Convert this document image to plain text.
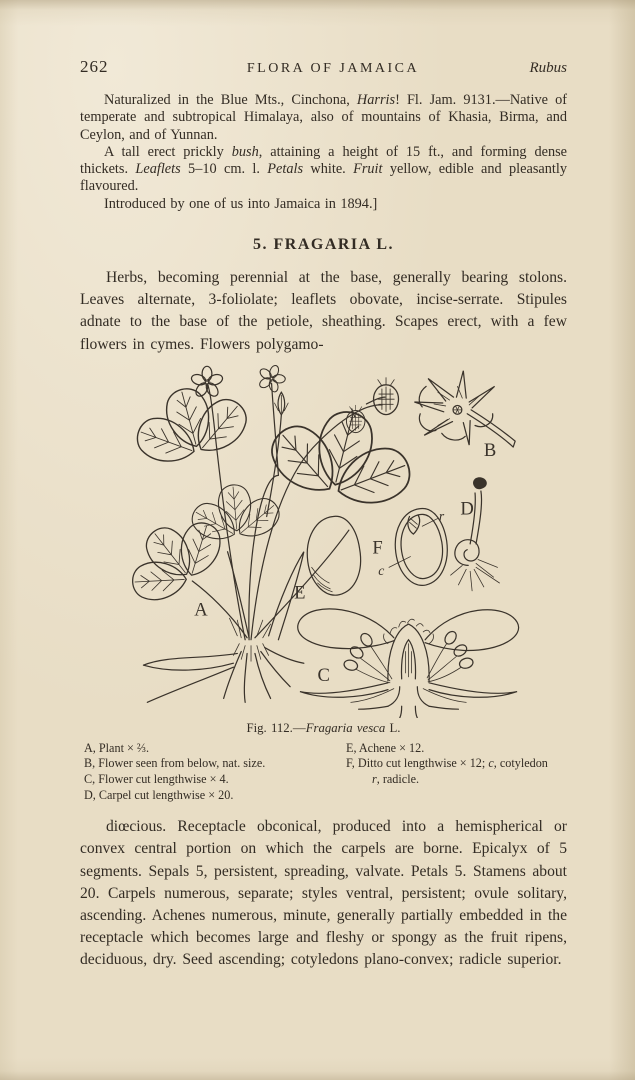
262	FLORA OF JAMAICA	Rubus

Naturalized in the Blue Mts., Cinchona, Harris! Fl. Jam. 9131.—Native of temperate and subtropical Himalaya, also of mountains of Khasia, Birma, and Ceylon, and of Yunnan.

A tall erect prickly bush, attaining a height of 15 ft., and forming dense thickets. Leaflets 5–10 cm. l. Petals white. Fruit yellow, edible and pleasantly flavoured.

Introduced by one of us into Jamaica in 1894.]

5. FRAGARIA L.

Herbs, becoming perennial at the base, generally bearing stolons. Leaves alternate, 3-foliolate; leaflets obovate, incise-serrate. Stipules adnate to the base of the petiole, sheathing. Scapes erect, with a few flowers in cymes. Flowers polygamo-

A
B
C
D
E
F
r
c

Fig. 112.—Fragaria vesca L.

A, Plant × ⅔.
B, Flower seen from below, nat. size.
C, Flower cut lengthwise × 4.
D, Carpel cut lengthwise × 20.
E, Achene × 12.
F, Ditto cut lengthwise × 12; c, cotyledon
r, radicle.

diœcious. Receptacle obconical, produced into a hemispherical or convex central portion on which the carpels are borne. Epicalyx of 5 segments. Sepals 5, persistent, spreading, valvate. Petals 5. Stamens about 20. Carpels numerous, separate; styles ventral, persistent; ovule solitary, ascending. Achenes numerous, minute, generally partially embedded in the receptacle which becomes large and fleshy or spongy as the fruit ripens, deciduous, dry. Seed ascending; cotyledons plano-convex; radicle superior.
